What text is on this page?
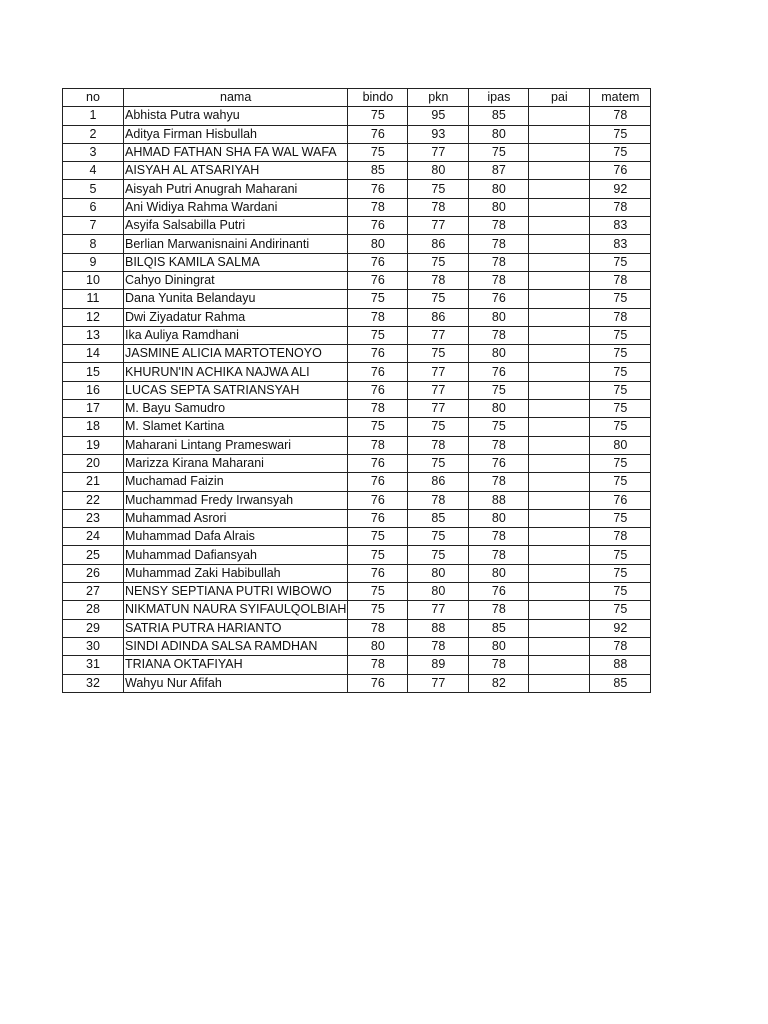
no	nama	bindo	pkn	ipas	pai	matem
1	Abhista Putra wahyu	75	95	85		78
2	Aditya Firman Hisbullah	76	93	80		75
3	AHMAD FATHAN SHA FA WAL WAFA	75	77	75		75
4	AISYAH AL ATSARIYAH	85	80	87		76
5	Aisyah Putri Anugrah Maharani	76	75	80		92
6	Ani Widiya Rahma Wardani	78	78	80		78
7	Asyifa Salsabilla Putri	76	77	78		83
8	Berlian Marwanisnaini Andirinanti	80	86	78		83
9	BILQIS KAMILA SALMA	76	75	78		75
10	Cahyo Diningrat	76	78	78		78
11	Dana Yunita Belandayu	75	75	76		75
12	Dwi Ziyadatur Rahma	78	86	80		78
13	Ika Auliya Ramdhani	75	77	78		75
14	JASMINE ALICIA MARTOTENOYO	76	75	80		75
15	KHURUN'IN ACHIKA NAJWA ALI	76	77	76		75
16	LUCAS SEPTA SATRIANSYAH	76	77	75		75
17	M. Bayu Samudro	78	77	80		75
18	M. Slamet Kartina	75	75	75		75
19	Maharani Lintang Prameswari	78	78	78		80
20	Marizza Kirana Maharani	76	75	76		75
21	Muchamad Faizin	76	86	78		75
22	Muchammad Fredy Irwansyah	76	78	88		76
23	Muhammad Asrori	76	85	80		75
24	Muhammad Dafa Alrais	75	75	78		78
25	Muhammad Dafiansyah	75	75	78		75
26	Muhammad Zaki Habibullah	76	80	80		75
27	NENSY SEPTIANA PUTRI WIBOWO	75	80	76		75
28	NIKMATUN NAURA SYIFAULQOLBIAH	75	77	78		75
29	SATRIA PUTRA HARIANTO	78	88	85		92
30	SINDI ADINDA SALSA RAMDHAN	80	78	80		78
31	TRIANA OKTAFIYAH	78	89	78		88
32	Wahyu Nur Afifah	76	77	82		85
